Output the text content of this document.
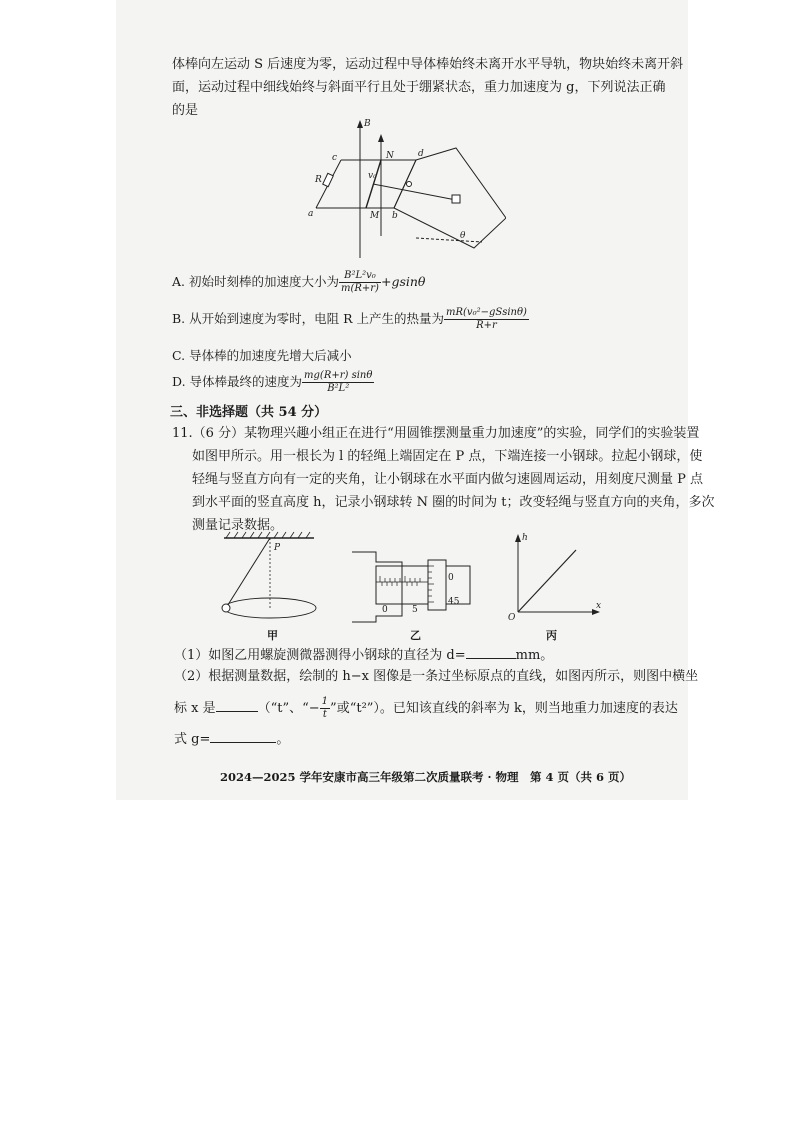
体棒向左运动 S 后速度为零，运动过程中导体棒始终未离开水平导轨，物块始终未离开斜
面，运动过程中细线始终与斜面平行且处于绷紧状态，重力加速度为 g，下列说法正确
的是
B
N	d
c
R	v₀
a	M b
θ
A. 初始时刻棒的加速度大小为 $\frac{\text{B²L²v₀}}{m(R+r)} +gsin\theta$
B. 从开始到速度为零时，电阻 R 上产生的热量为 $\frac{\text{mR(v₀²−gSsinθ)}}{R+r}$
C. 导体棒的加速度先增大后减小
D. 导体棒最终的速度为 $\frac{mg(R+r) \sin\theta}{\text{B²L²}}$
三、非选择题（共 54 分）
11.（6 分）某物理兴趣小组正在进行“用圆锥摆测量重力加速度”的实验，同学们的实验装置
如图甲所示。用一根长为 l 的轻绳上端固定在 P 点，下端连接一小钢球。拉起小钢球，使
轻绳与竖直方向有一定的夹角，让小钢球在水平面内做匀速圆周运动，用刻度尺测量 P 点
到水平面的竖直高度 h，记录小钢球转 N 圈的时间为 t；改变轻绳与竖直方向的夹角，多次
测量记录数据。
P
甲
0	5
0
45
乙
h
x
O
丙
（1）如图乙用螺旋测微器测得小钢球的直径为 d=	mm。
（2）根据测量数据，绘制的 h−x 图像是一条过坐标原点的直线，如图丙所示，则图中横坐
标 x 是	（“t”、“− $\frac{1}{t}$ ”或“t²”）。已知该直线的斜率为 k，则当地重力加速度的表达
式 g=	。
2024—2025 学年安康市高三年级第二次质量联考 · 物理　第 4 页（共 6 页）
